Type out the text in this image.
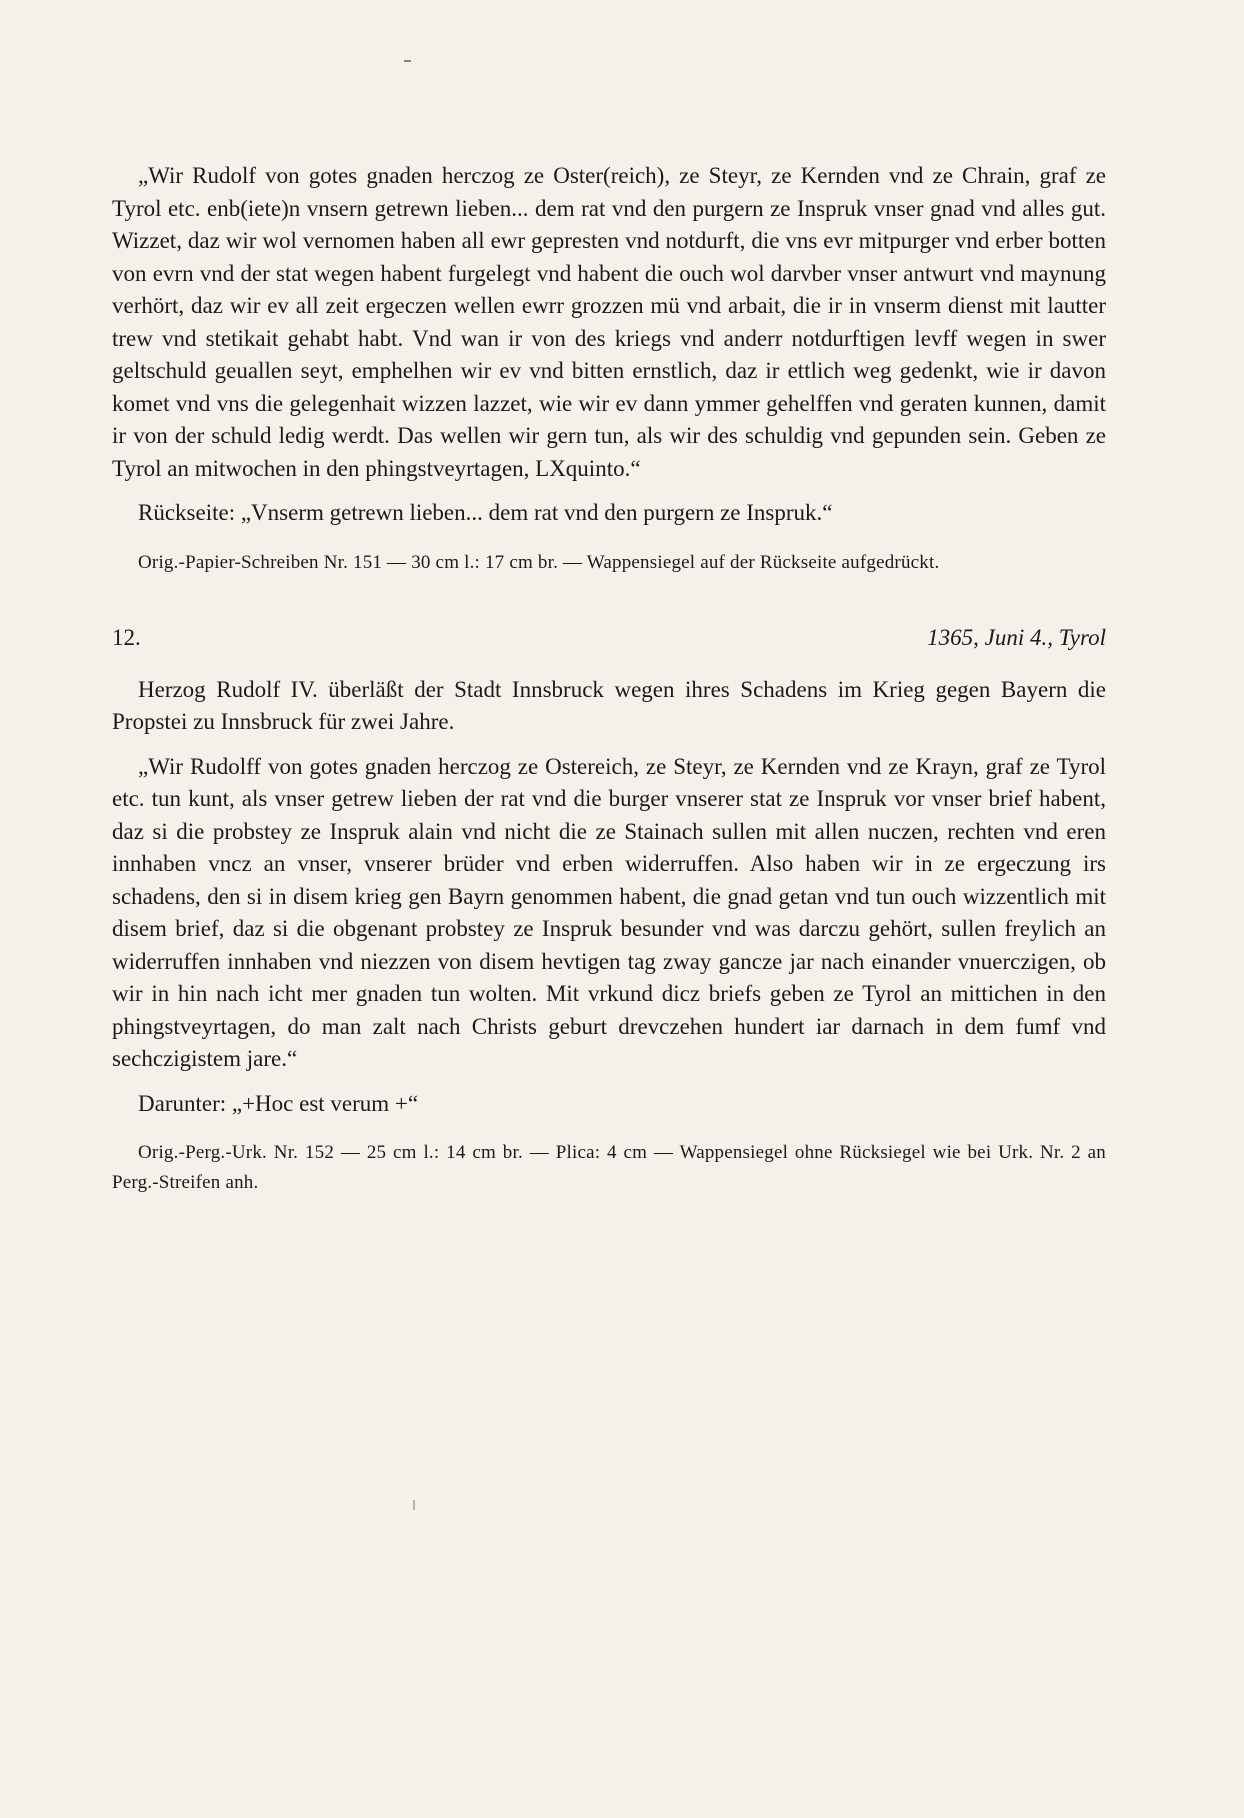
„Wir Rudolf von gotes gnaden herczog ze Oster(reich), ze Steyr, ze Kernden vnd ze Chrain, graf ze Tyrol etc. enb(iete)n vnsern getrewn lieben... dem rat vnd den purgern ze Inspruk vnser gnad vnd alles gut. Wizzet, daz wir wol vernomen haben all ewr gepresten vnd notdurft, die vns evr mitpurger vnd erber botten von evrn vnd der stat wegen habent furgelegt vnd habent die ouch wol darvber vnser antwurt vnd maynung verhört, daz wir ev all zeit ergeczen wellen ewrr grozzen mü vnd arbait, die ir in vnserm dienst mit lautter trew vnd stetikait gehabt habt. Vnd wan ir von des kriegs vnd anderr notdurftigen levff wegen in swer geltschuld geuallen seyt, emphelhen wir ev vnd bitten ernstlich, daz ir ettlich weg gedenkt, wie ir davon komet vnd vns die gelegenhait wizzen lazzet, wie wir ev dann ymmer gehelffen vnd geraten kunnen, damit ir von der schuld ledig werdt. Das wellen wir gern tun, als wir des schuldig vnd gepunden sein. Geben ze Tyrol an mitwochen in den phingstveyrtagen, LXquinto.“

Rückseite: „Vnserm getrewn lieben... dem rat vnd den purgern ze Inspruk.“

Orig.-Papier-Schreiben Nr. 151 — 30 cm l.: 17 cm br. — Wappensiegel auf der Rückseite aufgedrückt.

12.	1365, Juni 4., Tyrol

Herzog Rudolf IV. überläßt der Stadt Innsbruck wegen ihres Schadens im Krieg gegen Bayern die Propstei zu Innsbruck für zwei Jahre.

„Wir Rudolff von gotes gnaden herczog ze Ostereich, ze Steyr, ze Kernden vnd ze Krayn, graf ze Tyrol etc. tun kunt, als vnser getrew lieben der rat vnd die burger vnserer stat ze Inspruk vor vnser brief habent, daz si die probstey ze Inspruk alain vnd nicht die ze Stainach sullen mit allen nuczen, rechten vnd eren innhaben vncz an vnser, vnserer brüder vnd erben widerruffen. Also haben wir in ze ergeczung irs schadens, den si in disem krieg gen Bayrn genommen habent, die gnad getan vnd tun ouch wizzentlich mit disem brief, daz si die obgenant probstey ze Inspruk besunder vnd was darczu gehört, sullen freylich an widerruffen innhaben vnd niezzen von disem hevtigen tag zway gancze jar nach einander vnuerczigen, ob wir in hin nach icht mer gnaden tun wolten. Mit vrkund dicz briefs geben ze Tyrol an mittichen in den phingstveyrtagen, do man zalt nach Christs geburt drevczehen hundert iar darnach in dem fumf vnd sechczigistem jare.“

Darunter: „+Hoc est verum +“

Orig.-Perg.-Urk. Nr. 152 — 25 cm l.: 14 cm br. — Plica: 4 cm — Wappensiegel ohne Rücksiegel wie bei Urk. Nr. 2 an Perg.-Streifen anh.
